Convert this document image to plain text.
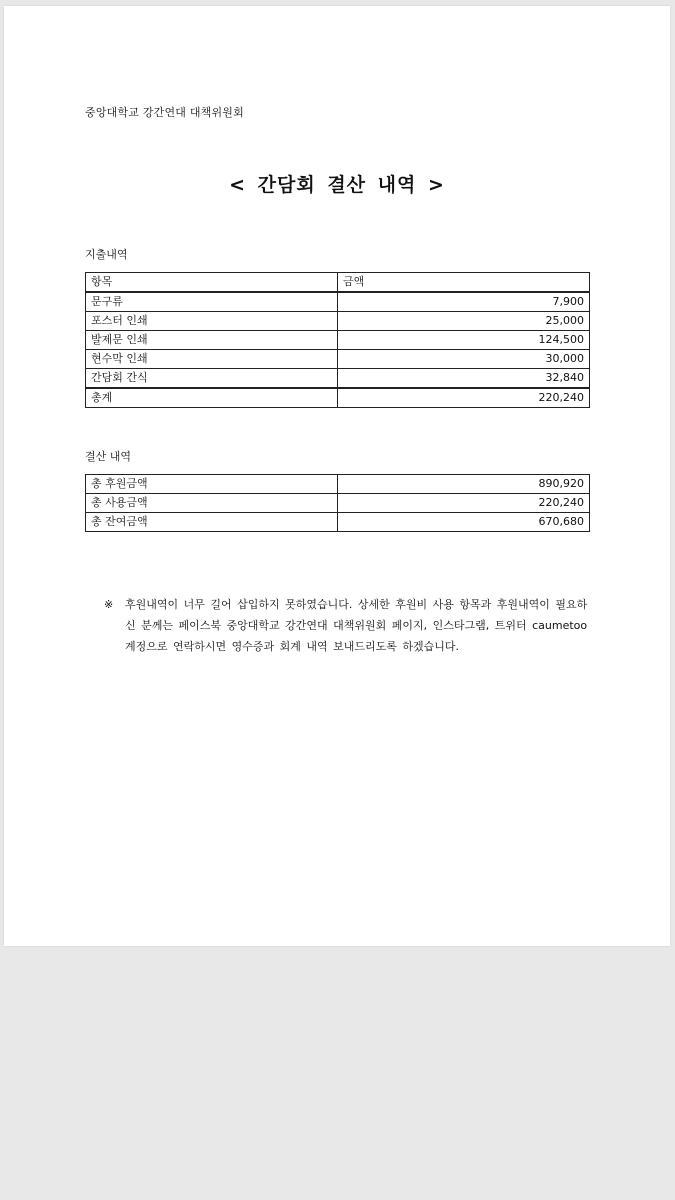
중앙대학교 강간연대 대책위원회
< 간담회 결산 내역 >
지출내역
항목	금액
문구류	7,900
포스터 인쇄	25,000
발제문 인쇄	124,500
현수막 인쇄	30,000
간담회 간식	32,840
총계	220,240
결산 내역
총 후원금액	890,920
총 사용금액	220,240
총 잔여금액	670,680
※ 후원내역이 너무 길어 삽입하지 못하였습니다. 상세한 후원비 사용 항목과 후원내역이 필요하신 분께는 페이스북 중앙대학교 강간연대 대책위원회 페이지, 인스타그램, 트위터 caumetoo 계정으로 연락하시면 영수증과 회계 내역 보내드리도록 하겠습니다.
